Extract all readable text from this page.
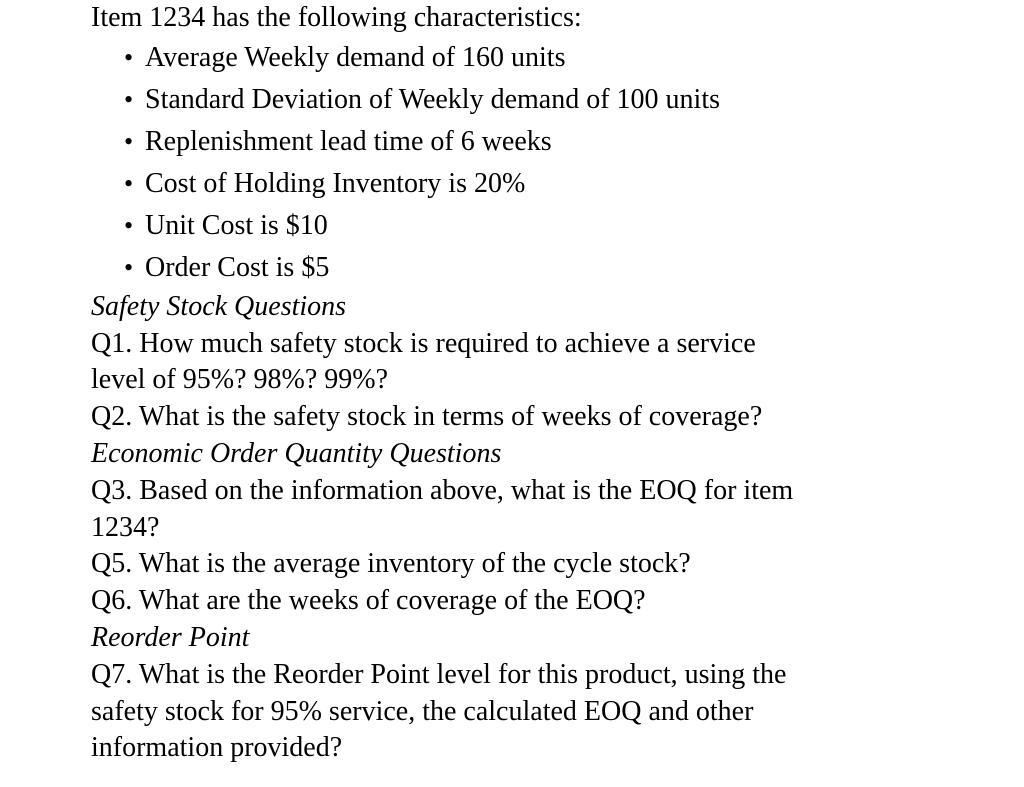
Item 1234 has the following characteristics:

• Average Weekly demand of 160 units
• Standard Deviation of Weekly demand of 100 units
• Replenishment lead time of 6 weeks
• Cost of Holding Inventory is 20%
• Unit Cost is $10
• Order Cost is $5

Safety Stock Questions

Q1. How much safety stock is required to achieve a service

level of 95%? 98%? 99%?

Q2. What is the safety stock in terms of weeks of coverage?

Economic Order Quantity Questions

Q3. Based on the information above, what is the EOQ for item

1234?

Q5. What is the average inventory of the cycle stock?

Q6. What are the weeks of coverage of the EOQ?

Reorder Point

Q7. What is the Reorder Point level for this product, using the

safety stock for 95% service, the calculated EOQ and other

information provided?
